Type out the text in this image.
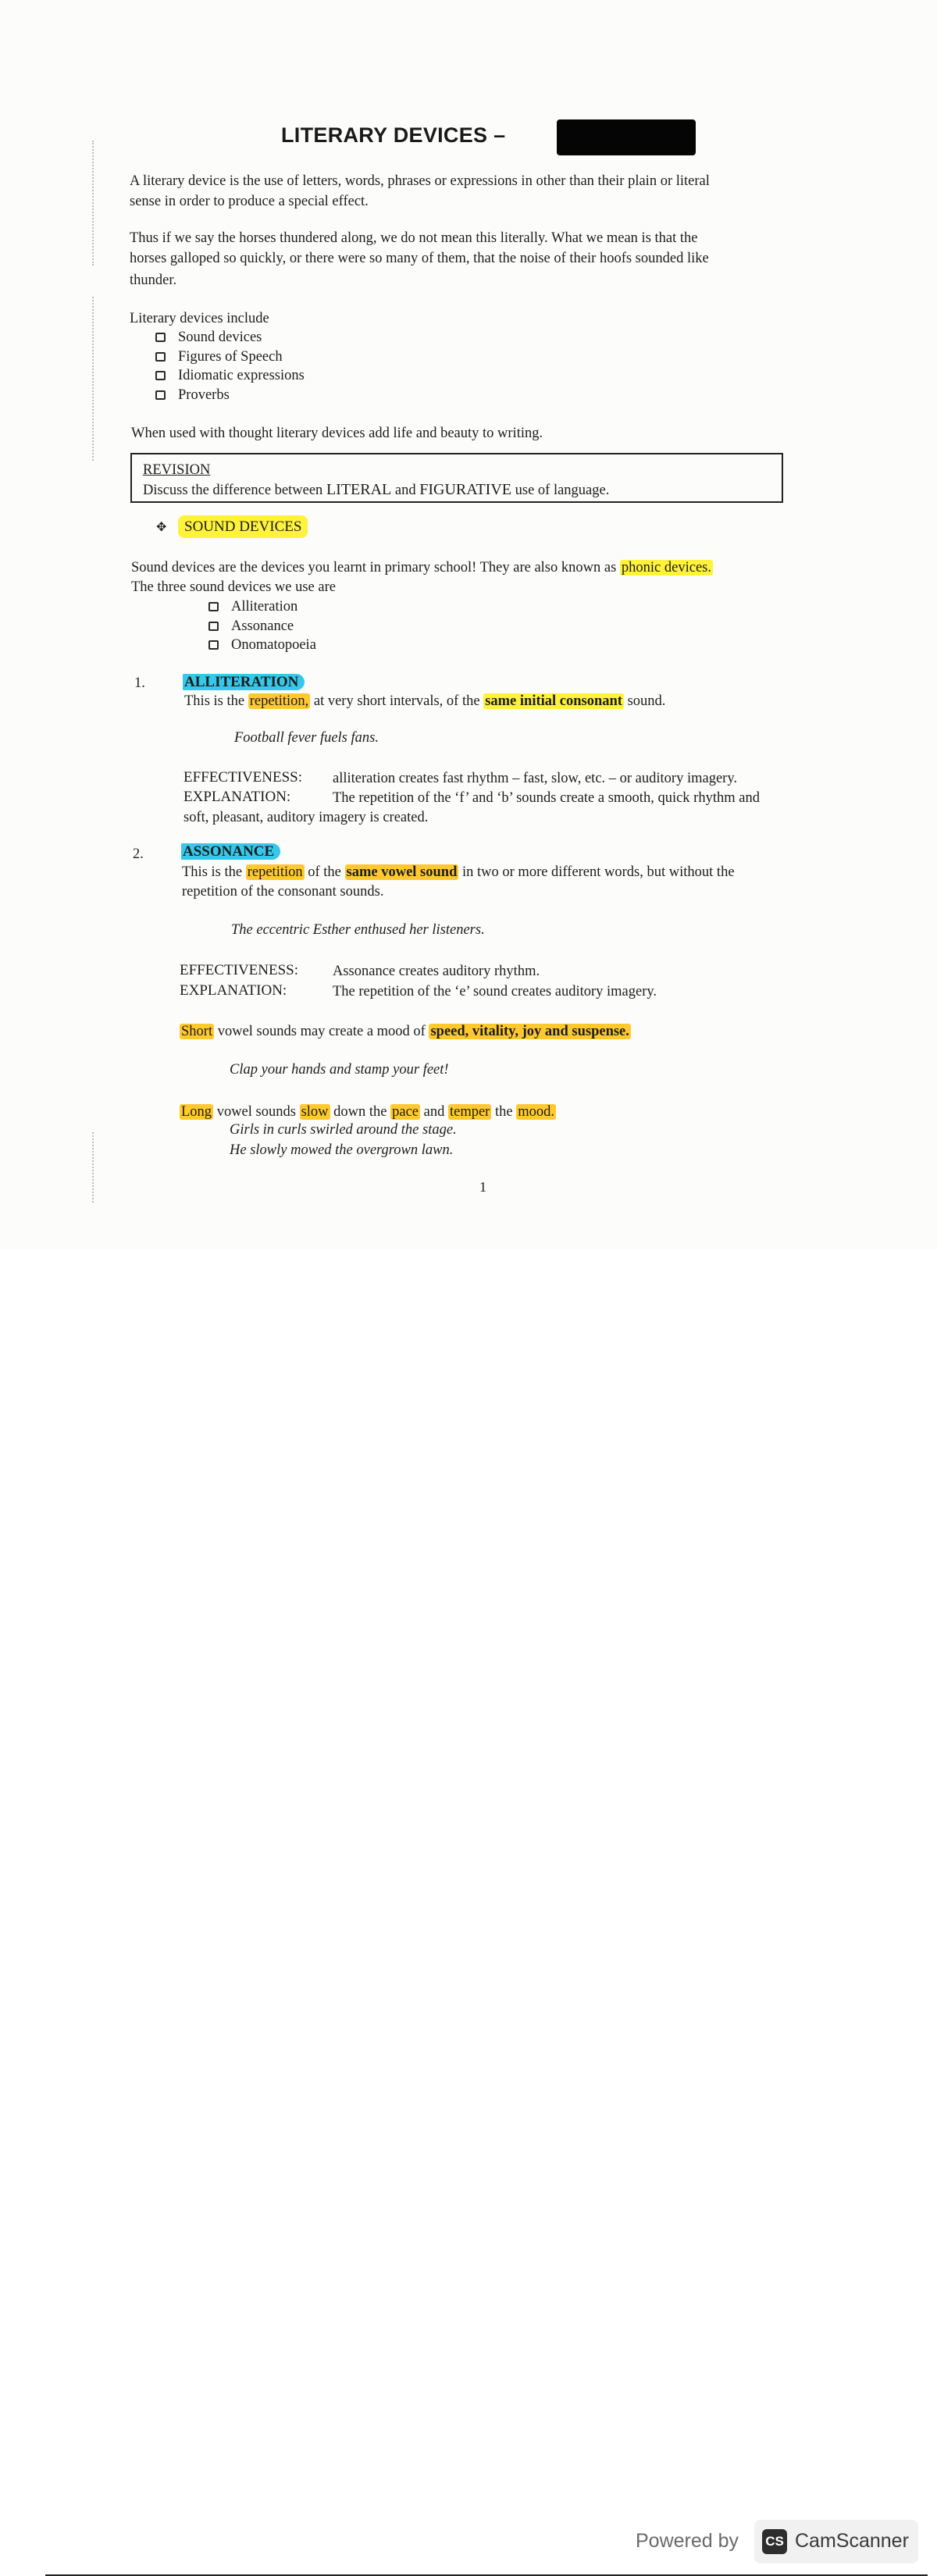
LITERARY DEVICES –
A literary device is the use of letters, words, phrases or expressions in other than their plain or literal
sense in order to produce a special effect.
Thus if we say the horses thundered along, we do not mean this literally. What we mean is that the
horses galloped so quickly, or there were so many of them, that the noise of their hoofs sounded like
thunder.
Literary devices include
Sound devices
Figures of Speech
Idiomatic expressions
Proverbs
When used with thought literary devices add life and beauty to writing.
REVISION
Discuss the difference between LITERAL and FIGURATIVE use of language.
✥ SOUND DEVICES
Sound devices are the devices you learnt in primary school! They are also known as phonic devices.
The three sound devices we use are
Alliteration
Assonance
Onomatopoeia
1.	ALLITERATION
This is the repetition, at very short intervals, of the same initial consonant sound.
Football fever fuels fans.
EFFECTIVENESS: alliteration creates fast rhythm – fast, slow, etc. – or auditory imagery.
EXPLANATION:	The repetition of the ‘f’ and ‘b’ sounds create a smooth, quick rhythm and
soft, pleasant, auditory imagery is created.
2.	ASSONANCE
This is the repetition of the same vowel sound in two or more different words, but without the
repetition of the consonant sounds.
The eccentric Esther enthused her listeners.
EFFECTIVENESS: Assonance creates auditory rhythm.
EXPLANATION:	The repetition of the ‘e’ sound creates auditory imagery.
Short vowel sounds may create a mood of speed, vitality, joy and suspense.
Clap your hands and stamp your feet!
Long vowel sounds slow down the pace and temper the mood.
Girls in curls swirled around the stage.
He slowly mowed the overgrown lawn.
1
Powered by CS CamScanner
